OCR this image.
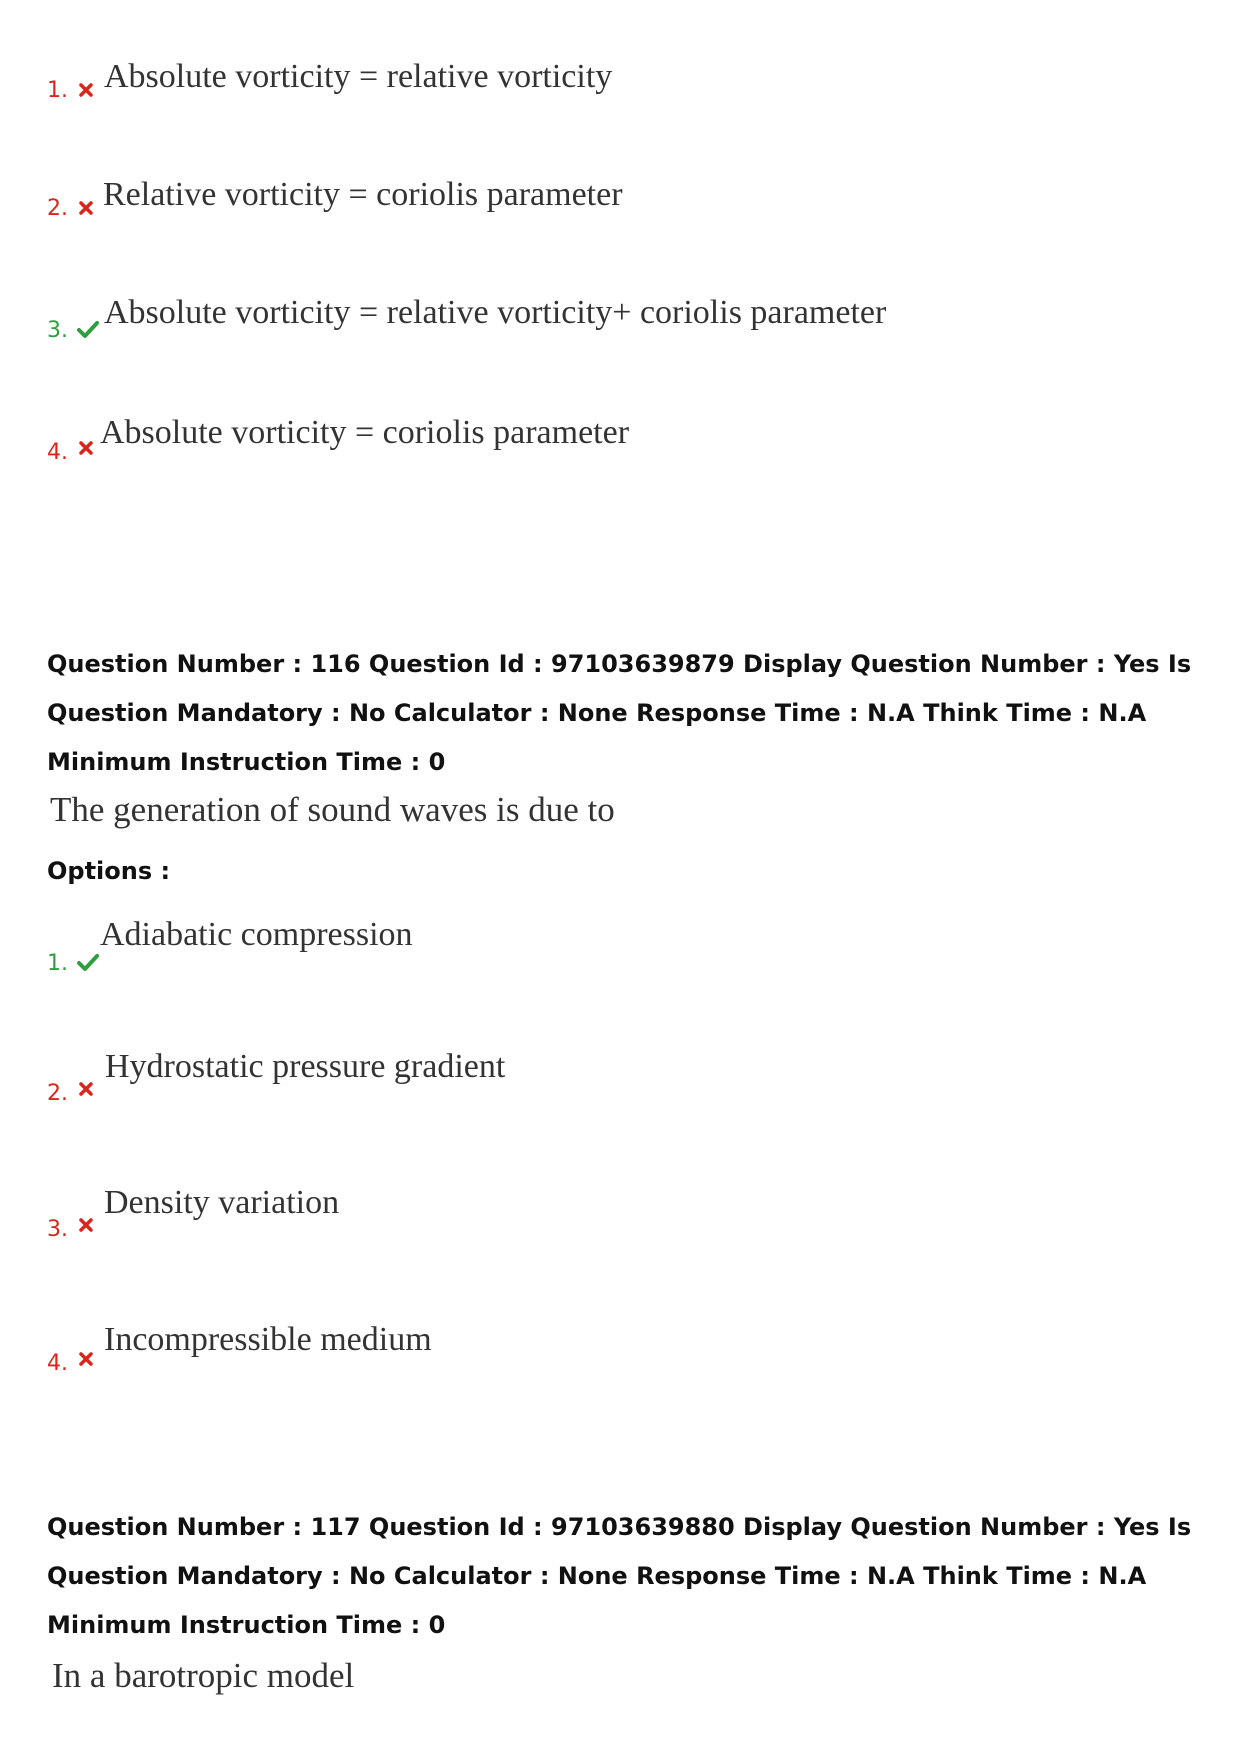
1. Absolute vorticity = relative vorticity
2. Relative vorticity = coriolis parameter
3. Absolute vorticity = relative vorticity+ coriolis parameter
4.
Absolute vorticity = coriolis parameter
Question Number : 116 Question Id : 97103639879 Display Question Number : Yes Is Question Mandatory : No Calculator : None Response Time : N.A Think Time : N.A Minimum Instruction Time : 0
The generation of sound waves is due to
Options :
1.
Adiabatic compression
2.
Hydrostatic pressure gradient
3.
Density variation
4.
Incompressible medium
Question Number : 117 Question Id : 97103639880 Display Question Number : Yes Is Question Mandatory : No Calculator : None Response Time : N.A Think Time : N.A Minimum Instruction Time : 0
In a barotropic model
